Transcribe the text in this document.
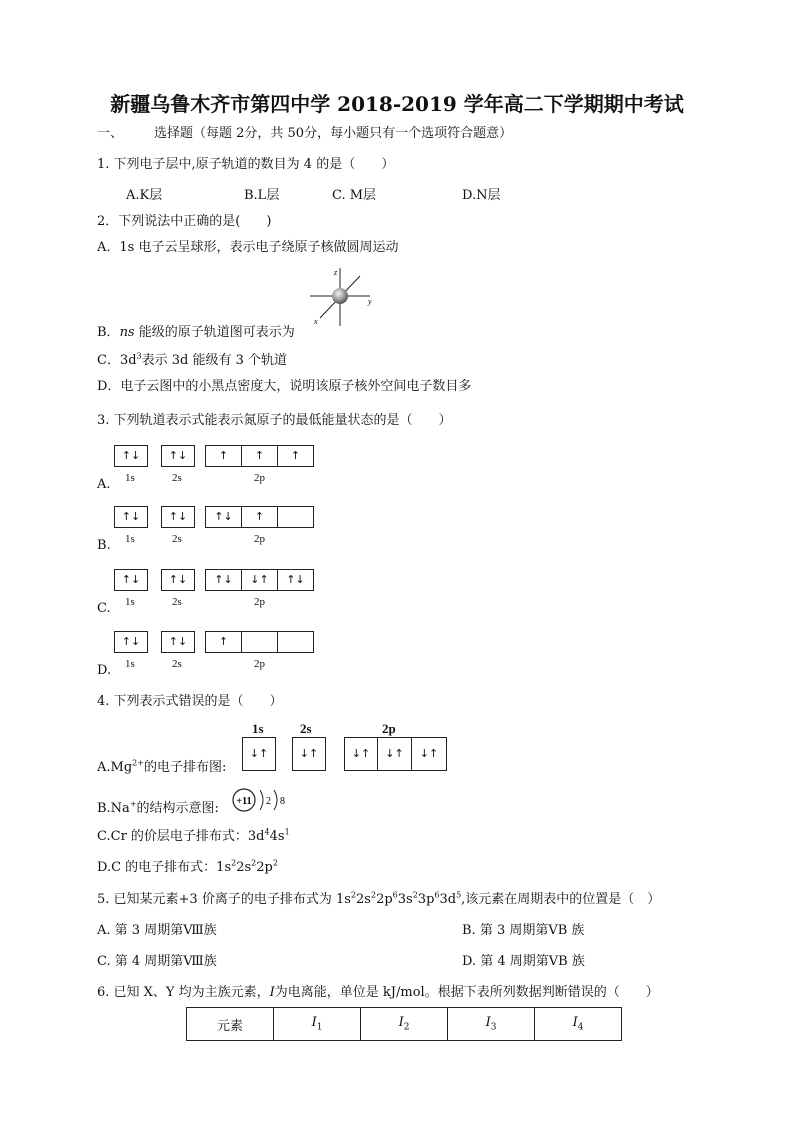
新疆乌鲁木齐市第四中学 2018-2019 学年高二下学期期中考试
一、 选择题（每题 2分，共 50分，每小题只有一个选项符合题意）
1. 下列电子层中,原子轨道的数目为 4 的是（　　）
A.K层	B.L层	C. M层	D.N层
2．下列说法中正确的是(　　)
A．1s 电子云呈球形，表示电子绕原子核做圆周运动
z
y
x
B．ns 能级的原子轨道图可表示为
C．$3d^3$表示 3d 能级有 3 个轨道
D．电子云图中的小黑点密度大，说明该原子核外空间电子数目多
3. 下列轨道表示式能表示氮原子的最低能量状态的是（　　）
↑↓	↑↓	↑	↑	↑
1s	2s	2p
A.
↑↓	↑↓	↑↓	↑
1s	2s	2p
B.
↑↓	↑↓	↑↓	↓↑	↑↓
1s	2s	2p
C.
↑↓	↑↓	↑
1s	2s	2p
D.
4. 下列表示式错误的是（　　）
1s	2s	2p
↓↑	↓↑	↓↑	↓↑	↓↑
$A.Mg^{2+}$的电子排布图:
B.Na+的结构示意图: +11 2 8
C.Cr 的价层电子排布式：$3d^44s^1$
D.C 的电子排布式：$1s^22s^22p^2$
5. 已知某元素+3 价离子的电子排布式为 $1s^22s^22p^63s^23p^63d^5$,该元素在周期表中的位置是（　）
A. 第 3 周期第Ⅷ族	B. 第 3 周期第ⅤB 族
C. 第 4 周期第Ⅷ族	D. 第 4 周期第ⅤB 族
6. 已知 X、Y 均为主族元素，I为电离能，单位是 kJ/mol。根据下表所列数据判断错误的（　　）
元素	$I_1$	$I_2$	$I_3$	$I_4$
